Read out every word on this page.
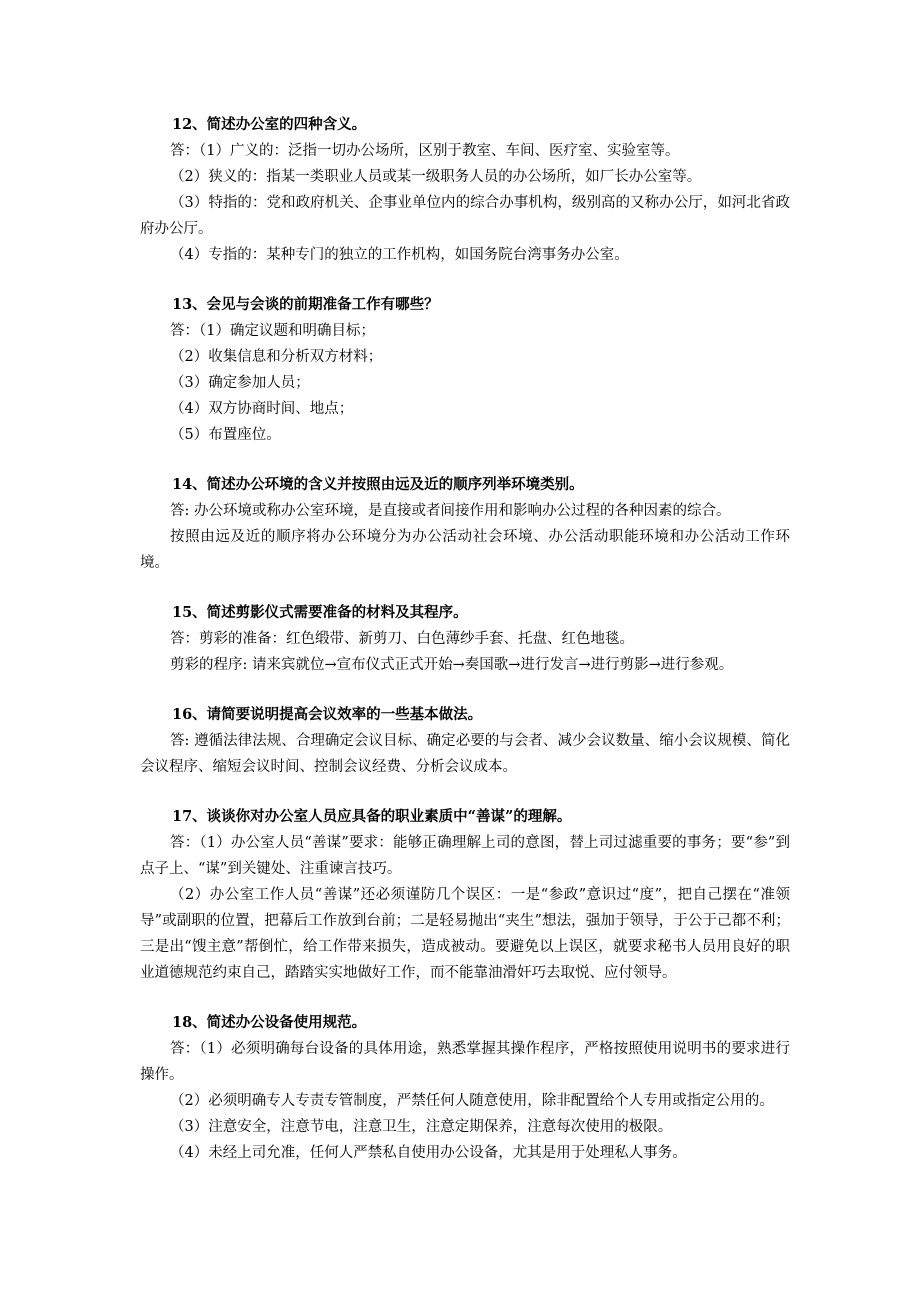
12、简述办公室的四种含义。

答：（1）广义的：泛指一切办公场所，区别于教室、车间、医疗室、实验室等。

（2）狭义的：指某一类职业人员或某一级职务人员的办公场所，如厂长办公室等。

（3）特指的：党和政府机关、企事业单位内的综合办事机构，级别高的又称办公厅，如河北省政府办公厅。

（4）专指的：某种专门的独立的工作机构，如国务院台湾事务办公室。

13、会见与会谈的前期准备工作有哪些？

答：（1）确定议题和明确目标；

（2）收集信息和分析双方材料；

（3）确定参加人员；

（4）双方协商时间、地点；

（5）布置座位。

14、简述办公环境的含义并按照由远及近的顺序列举环境类别。

答: 办公环境或称办公室环境，是直接或者间接作用和影响办公过程的各种因素的综合。

按照由远及近的顺序将办公环境分为办公活动社会环境、办公活动职能环境和办公活动工作环境。

15、简述剪影仪式需要准备的材料及其程序。

答：剪彩的准备：红色缎带、新剪刀、白色薄纱手套、托盘、红色地毯。

剪彩的程序: 请来宾就位→宣布仪式正式开始→奏国歌→进行发言→进行剪影→进行参观。

16、请简要说明提高会议效率的一些基本做法。

答: 遵循法律法规、合理确定会议目标、确定必要的与会者、减少会议数量、缩小会议规模、简化会议程序、缩短会议时间、控制会议经费、分析会议成本。

17、谈谈你对办公室人员应具备的职业素质中“善谋”的理解。

答：（1）办公室人员“善谋”要求：能够正确理解上司的意图，替上司过滤重要的事务；要“参”到点子上、“谋”到关键处、注重谏言技巧。

（2）办公室工作人员“善谋”还必须谨防几个误区：一是“参政”意识过“度”，把自己摆在“准领导”或副职的位置，把幕后工作放到台前；二是轻易抛出“夹生”想法，强加于领导，于公于己都不利；三是出“馊主意”帮倒忙，给工作带来损失，造成被动。要避免以上误区，就要求秘书人员用良好的职业道德规范约束自己，踏踏实实地做好工作，而不能靠油滑奸巧去取悦、应付领导。

18、简述办公设备使用规范。

答：（1）必须明确每台设备的具体用途，熟悉掌握其操作程序，严格按照使用说明书的要求进行操作。

（2）必须明确专人专责专管制度，严禁任何人随意使用，除非配置给个人专用或指定公用的。

（3）注意安全，注意节电，注意卫生，注意定期保养，注意每次使用的极限。

（4）未经上司允准，任何人严禁私自使用办公设备，尤其是用于处理私人事务。
